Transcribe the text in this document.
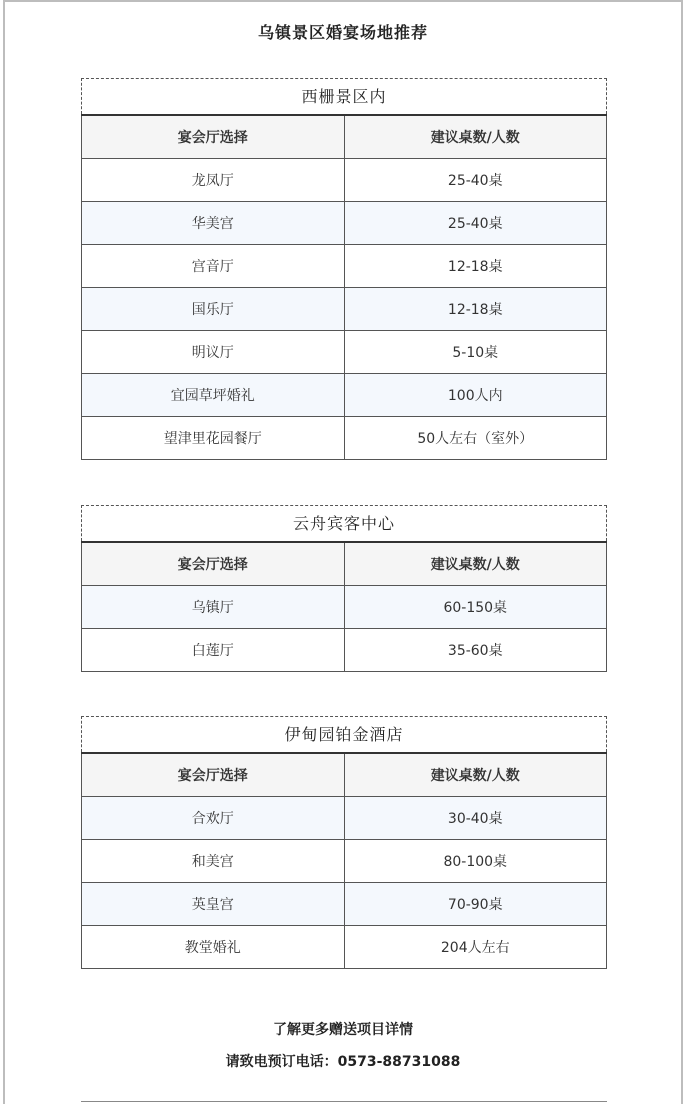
乌镇景区婚宴场地推荐
西栅景区内
宴会厅选择	建议桌数/人数
龙凤厅	25-40桌
华美宫	25-40桌
宫音厅	12-18桌
国乐厅	12-18桌
明议厅	5-10桌
宜园草坪婚礼	100人内
望津里花园餐厅	50人左右（室外）
云舟宾客中心
宴会厅选择	建议桌数/人数
乌镇厅	60-150桌
白莲厅	35-60桌
伊甸园铂金酒店
宴会厅选择	建议桌数/人数
合欢厅	30-40桌
和美宫	80-100桌
英皇宫	70-90桌
教堂婚礼	204人左右
了解更多赠送项目详情
请致电预订电话：0573-88731088
